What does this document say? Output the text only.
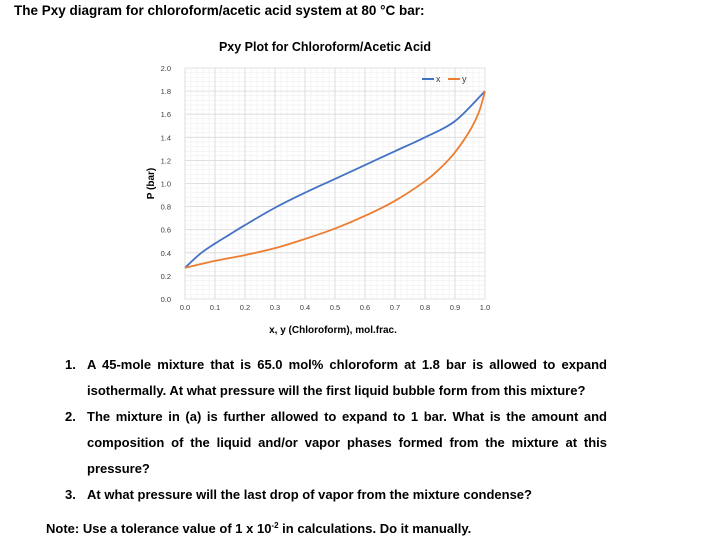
The Pxy diagram for chloroform/acetic acid system at 80 °C bar:
Pxy Plot for Chloroform/Acetic Acid
0.0
0.2
0.4
0.6
0.8
1.0
1.2
1.4
1.6
1.8
2.0
0.0	0.1	0.2	0.3	0.4	0.5	0.6	0.7	0.8	0.9	1.0
x y
P (bar)
x, y (Chloroform), mol.frac.
1. A 45-mole mixture that is 65.0 mol% chloroform at 1.8 bar is allowed to expand isothermally. At what pressure will the first liquid bubble form from this mixture?
2. The mixture in (a) is further allowed to expand to 1 bar. What is the amount and composition of the liquid and/or vapor phases formed from the mixture at this pressure?
3. At what pressure will the last drop of vapor from the mixture condense?
Note: Use a tolerance value of 1 x $10^{-2}$ in calculations. Do it manually.
